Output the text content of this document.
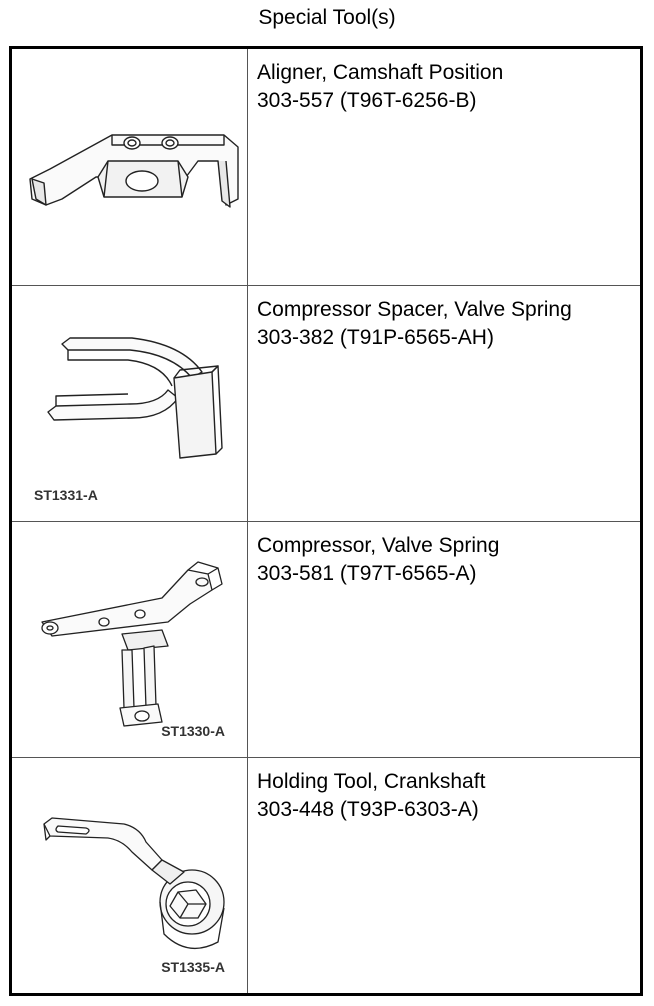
Special Tool(s)
Aligner, Camshaft Position
303-557 (T96T-6256-B)
ST1331-A
Compressor Spacer, Valve Spring
303-382 (T91P-6565-AH)
ST1330-A
Compressor, Valve Spring
303-581 (T97T-6565-A)
ST1335-A
Holding Tool, Crankshaft
303-448 (T93P-6303-A)
